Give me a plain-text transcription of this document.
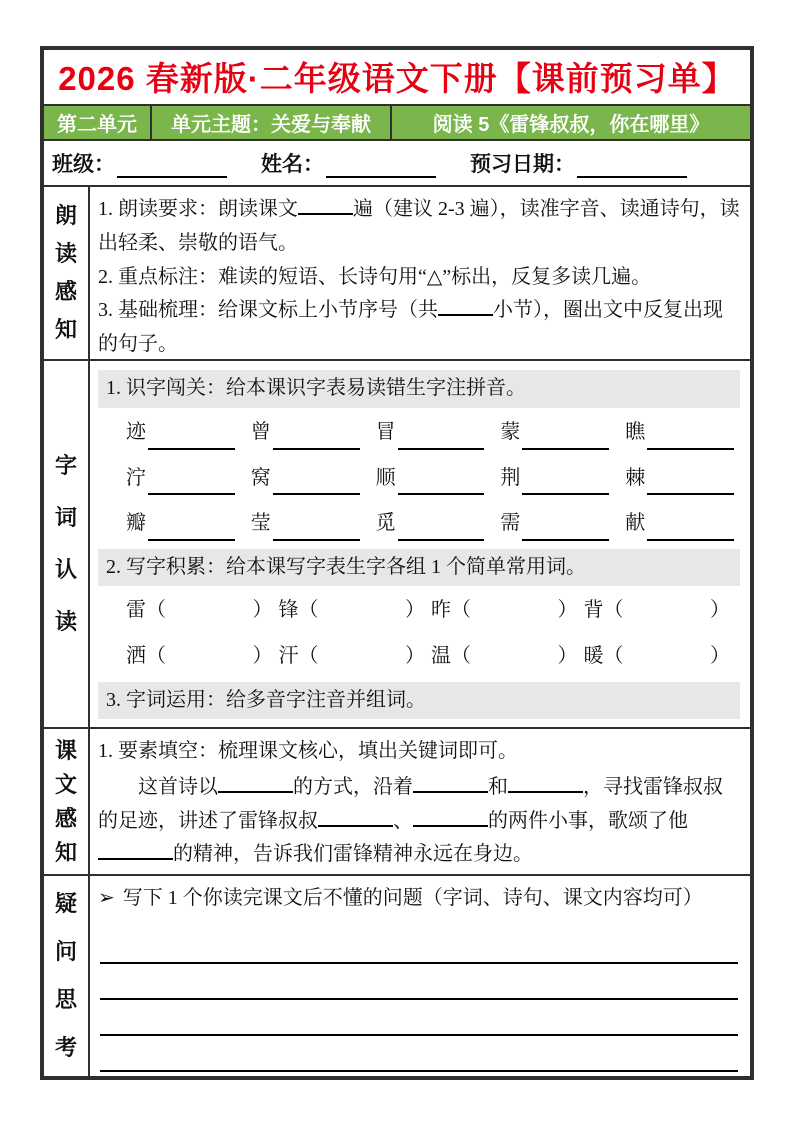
2026 春新版·二年级语文下册【课前预习单】
第二单元	单元主题：关爱与奉献	阅读 5《雷锋叔叔，你在哪里》
班级：	姓名：	预习日期：
朗读感知

1. 朗读要求：朗读课文	遍（建议 2-3 遍），读准字音、读通诗句，读出轻柔、崇敬的语气。

2. 重点标注：难读的短语、长诗句用“△”标出，反复多读几遍。

3. 基础梳理：给课文标上小节序号（共	小节），圈出文中反复出现的句子。

字词认读
1. 识字闯关：给本课识字表易读错生字注拼音。
迹	曾	冒	蒙	瞧
泞	窝	顺	荆	棘
瓣	莹	觅	需	献
2. 写字积累：给本课写字表生字各组 1 个简单常用词。
雷 （	） 锋 （	） 昨 （	） 背 （	）
洒 （	） 汗 （	） 温 （	） 暖 （	）
3. 字词运用：给多音字注音并组词。
课文感知

1. 要素填空：梳理课文核心，填出关键词即可。

这首诗以	的方式，沿着	和	，寻找雷锋叔叔的足迹，讲述了雷锋叔叔	、	的两件小事，歌颂了他的精神，告诉我们雷锋精神永远在身边。

疑问思考
➢ 写下 1 个你读完课文后不懂的问题（字词、诗句、课文内容均可）
